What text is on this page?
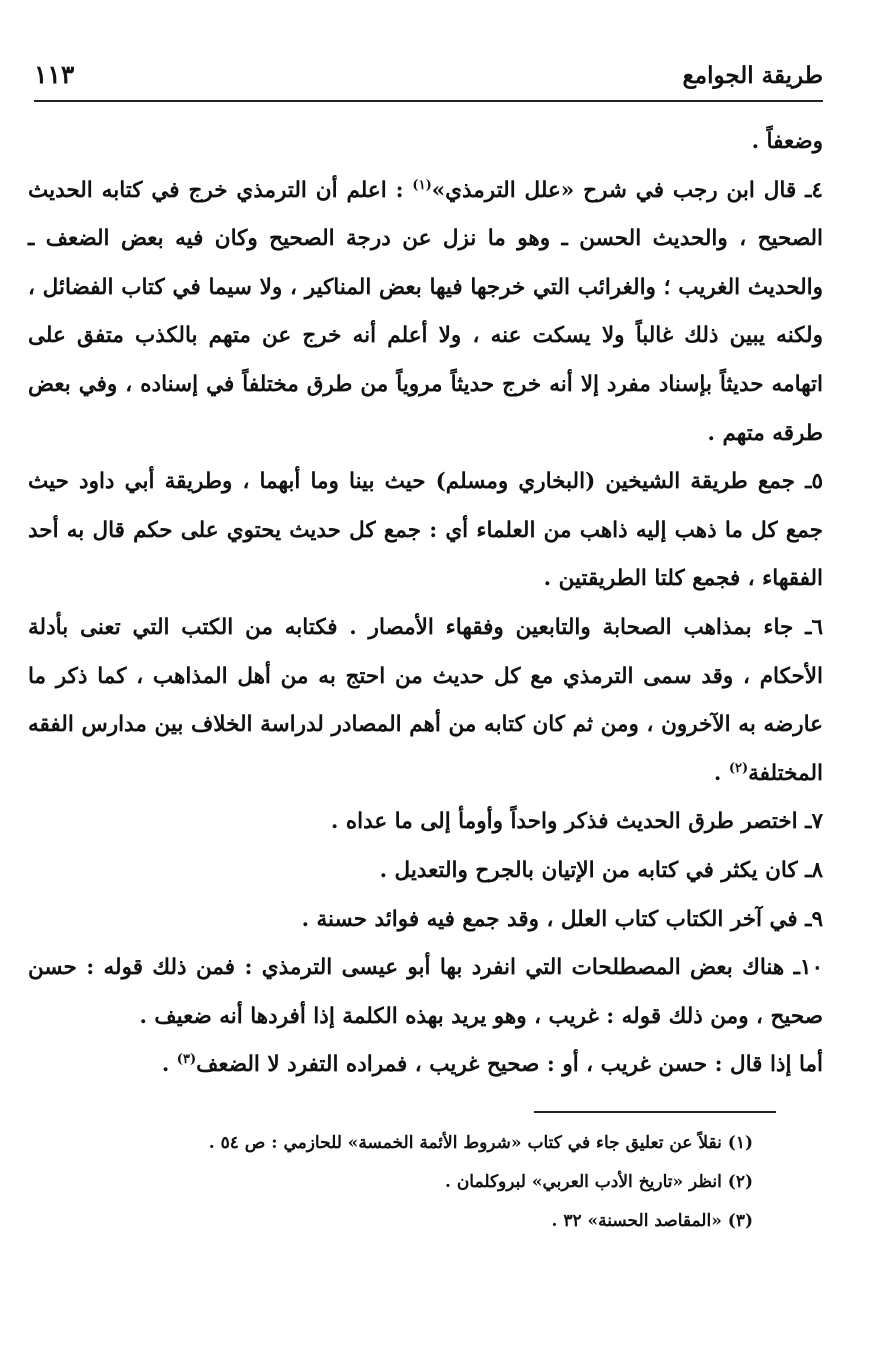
طريقة الجوامع
١١٣

وضعفاً .

٤ـ قال ابن رجب في شرح «علل الترمذي»$^{(١)}$ : اعلم أن الترمذي خرج في كتابه الحديث الصحيح ، والحديث الحسن ـ وهو ما نزل عن درجة الصحيح وكان فيه بعض الضعف ـ والحديث الغريب ؛ والغرائب التي خرجها فيها بعض المناكير ، ولا سيما في كتاب الفضائل ، ولكنه يبين ذلك غالباً ولا يسكت عنه ، ولا أعلم أنه خرج عن متهم بالكذب متفق على اتهامه حديثاً بإسناد مفرد إلا أنه خرج حديثاً مروياً من طرق مختلفاً في إسناده ، وفي بعض طرقه متهم .

٥ـ جمع طريقة الشيخين (البخاري ومسلم) حيث بينا وما أبهما ، وطريقة أبي داود حيث جمع كل ما ذهب إليه ذاهب من العلماء أي : جمع كل حديث يحتوي على حكم قال به أحد الفقهاء ، فجمع كلتا الطريقتين .

٦ـ جاء بمذاهب الصحابة والتابعين وفقهاء الأمصار . فكتابه من الكتب التي تعنى بأدلة الأحكام ، وقد سمى الترمذي مع كل حديث من احتج به من أهل المذاهب ، كما ذكر ما عارضه به الآخرون ، ومن ثم كان كتابه من أهم المصادر لدراسة الخلاف بين مدارس الفقه المختلفة$^{(٢)}$ .

٧ـ اختصر طرق الحديث فذكر واحداً وأومأ إلى ما عداه .

٨ـ كان يكثر في كتابه من الإتيان بالجرح والتعديل .

٩ـ في آخر الكتاب كتاب العلل ، وقد جمع فيه فوائد حسنة .

١٠ـ هناك بعض المصطلحات التي انفرد بها أبو عيسى الترمذي : فمن ذلك قوله : حسن صحيح ، ومن ذلك قوله : غريب ، وهو يريد بهذه الكلمة إذا أفردها أنه ضعيف .

أما إذا قال : حسن غريب ، أو : صحيح غريب ، فمراده التفرد لا الضعف$^{(٣)}$ .

(١) نقلاً عن تعليق جاء في كتاب «شروط الأئمة الخمسة» للحازمي : ص ٥٤ .

(٢) انظر «تاريخ الأدب العربي» لبروكلمان .

(٣) «المقاصد الحسنة» ٣٢ .
